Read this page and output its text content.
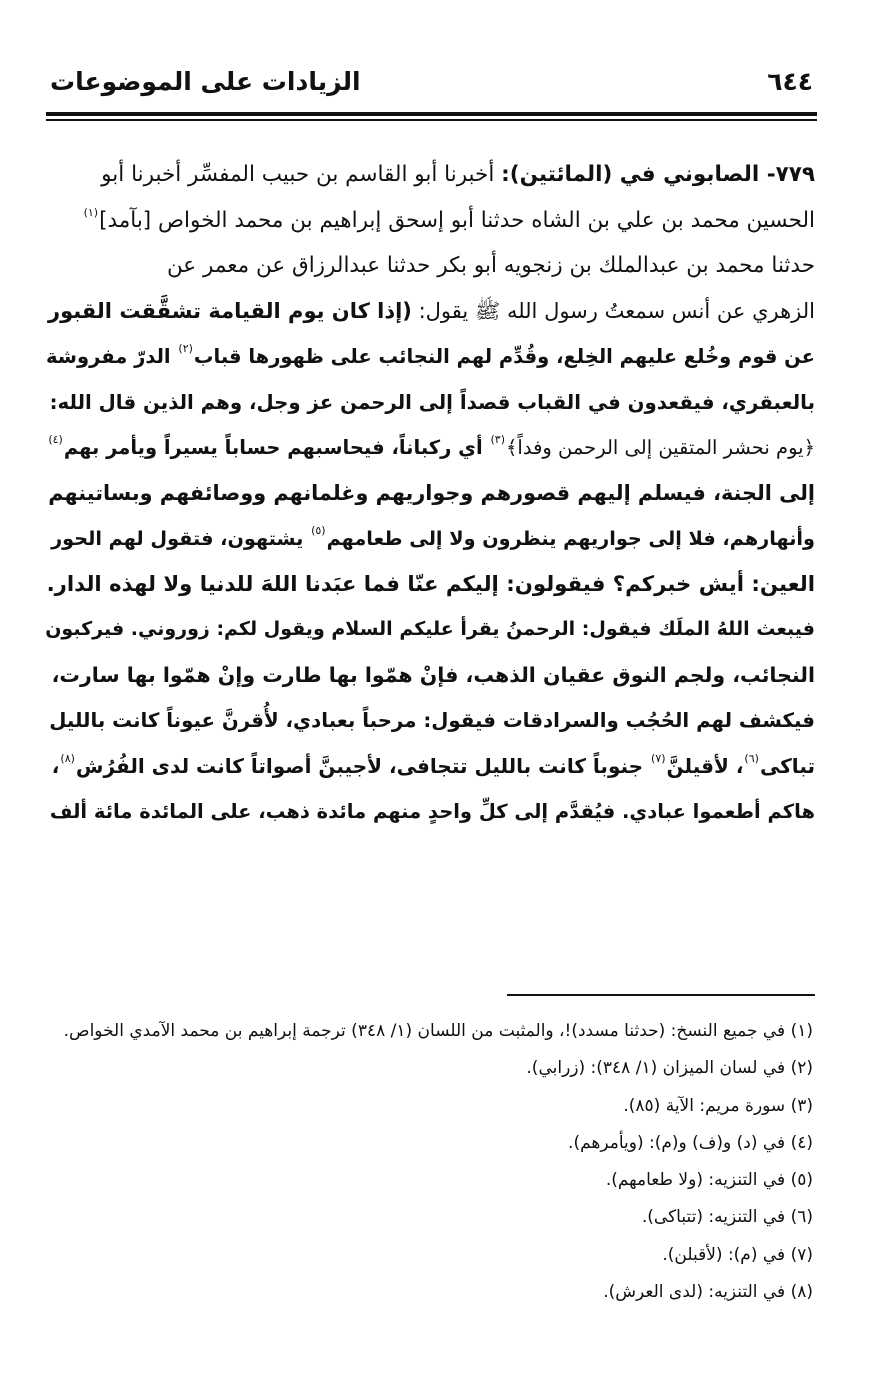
٦٤٤
الزيادات على الموضوعات
٧٧٩- الصابوني في (المائتين): أخبرنا أبو القاسم بن حبيب المفسِّر أخبرنا أبو
الحسين محمد بن علي بن الشاه حدثنا أبو إسحق إبراهيم بن محمد الخواص [بآمد]$^{(١)}$
حدثنا محمد بن عبدالملك بن زنجويه أبو بكر حدثنا عبدالرزاق عن معمر عن
الزهري عن أنس سمعتُ رسول الله ﷺ يقول: (إذا كان يوم القيامة تشقَّقت القبور
عن قوم وخُلع عليهم الخِلع، وقُدِّم لهم النجائب على ظهورها قباب$^{(٢)}$ الدرّ مفروشة
بالعبقري، فيقعدون في القباب قصداً إلى الرحمن عز وجل، وهم الذين قال الله:
﴿يوم نحشر المتقين إلى الرحمن وفداً﴾$^{(٣)}$ أي ركباناً، فيحاسبهم حساباً يسيراً ويأمر بهم$^{(٤)}$
إلى الجنة، فيسلم إليهم قصورهم وجواريهم وغلمانهم ووصائفهم وبساتينهم
وأنهارهم، فلا إلى جواريهم ينظرون ولا إلى طعامهم$^{(٥)}$ يشتهون، فتقول لهم الحور
العين: أيش خبركم؟ فيقولون: إليكم عنّا فما عبَدنا اللهَ للدنيا ولا لهذه الدار.
فيبعث اللهُ الملَك فيقول: الرحمنُ يقرأ عليكم السلام ويقول لكم: زوروني. فيركبون
النجائب، ولجم النوق عقيان الذهب، فإنْ همّوا بها طارت وإنْ همّوا بها سارت،
فيكشف لهم الحُجُب والسرادقات فيقول: مرحباً بعبادي، لأُقرنَّ عيوناً كانت بالليل
تباكى$^{(٦)}$، لأقيلنَّ$^{(٧)}$ جنوباً كانت بالليل تتجافى، لأجيبنَّ أصواتاً كانت لدى الفُرُش$^{(٨)}$،
هاكم أطعموا عبادي. فيُقدَّم إلى كلِّ واحدٍ منهم مائدة ذهب، على المائدة مائة ألف
(١) في جميع النسخ: (حدثنا مسدد)!، والمثبت من اللسان (١/ ٣٤٨) ترجمة إبراهيم بن محمد الآمدي الخواص.
(٢) في لسان الميزان (١/ ٣٤٨): (زرابي).
(٣) سورة مريم: الآية (٨٥).
(٤) في (د) و(ف) و(م): (ويأمرهم).
(٥) في التنزيه: (ولا طعامهم).
(٦) في التنزيه: (تتباكى).
(٧) في (م): (لأقبلن).
(٨) في التنزيه: (لدى العرش).
